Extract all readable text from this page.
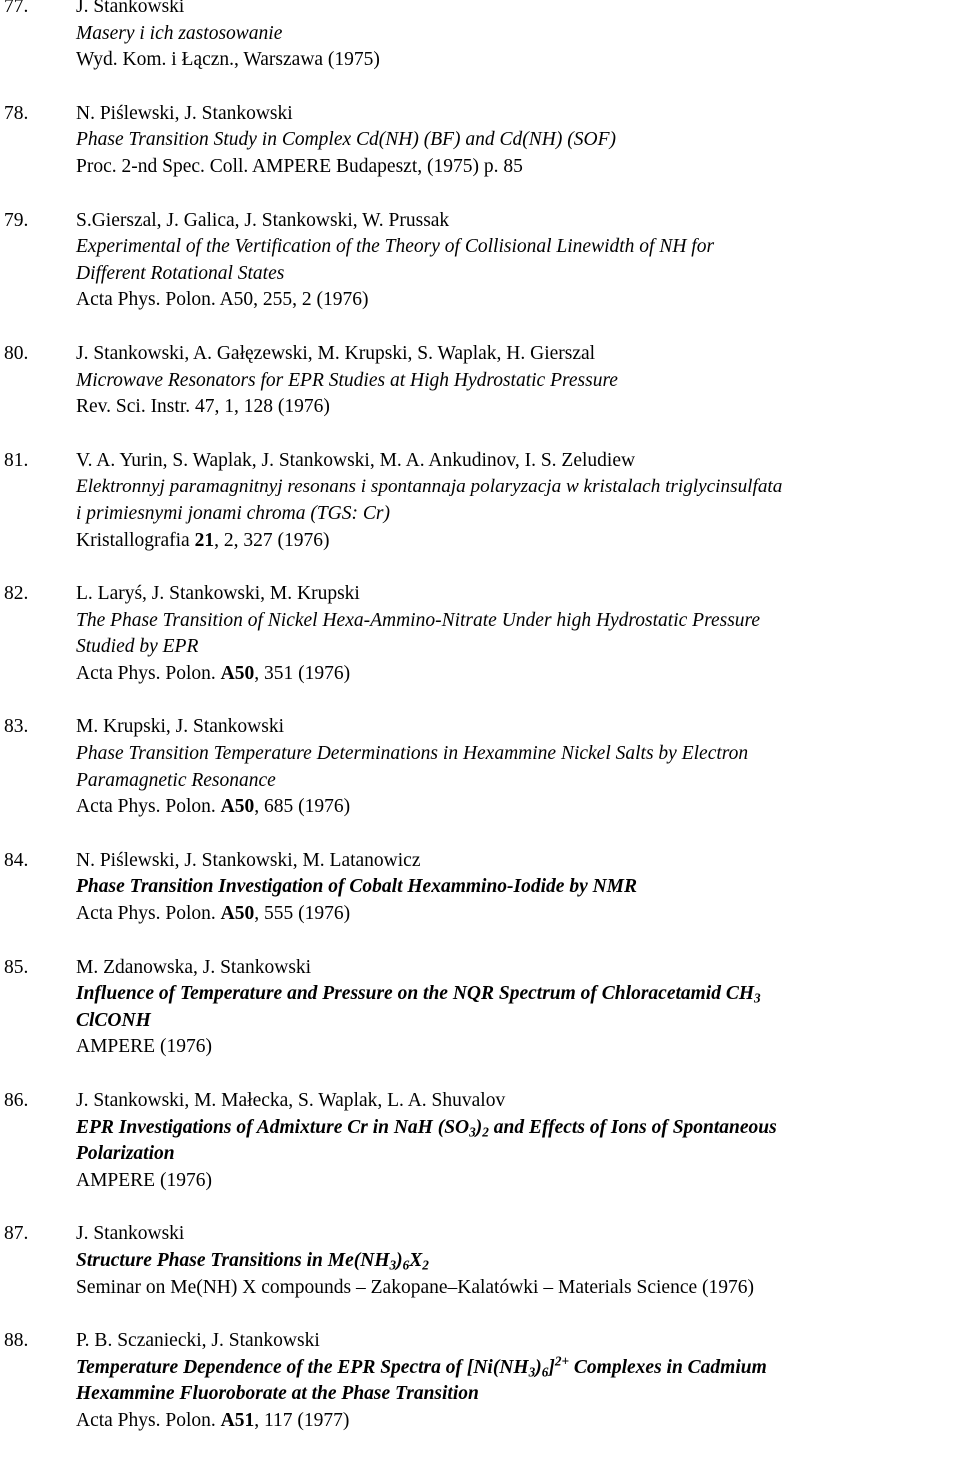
77. J. Stankowski
Masery i ich zastosowanie
Wyd. Kom. i Łączn., Warszawa (1975)
78. N. Piślewski, J. Stankowski
Phase Transition Study in Complex Cd(NH) (BF) and Cd(NH) (SOF)
Proc. 2-nd Spec. Coll. AMPERE Budapeszt, (1975) p. 85
79. S.Gierszal, J. Galica, J. Stankowski, W. Prussak
Experimental of the Vertification of the Theory of Collisional Linewidth of NH for
Different Rotational States
Acta Phys. Polon. A50, 255, 2 (1976)
80. J. Stankowski, A. Gałęzewski, M. Krupski, S. Waplak, H. Gierszal
Microwave Resonators for EPR Studies at High Hydrostatic Pressure
Rev. Sci. Instr. 47, 1, 128 (1976)
81. V. A. Yurin, S. Waplak, J. Stankowski, M. A. Ankudinov, I. S. Zeludiew
Elektronnyj paramagnitnyj resonans i spontannaja polaryzacja w kristalach triglycinsulfata
i primiesnymi jonami chroma (TGS: Cr)
Kristallografia 21, 2, 327 (1976)
82. L. Laryś, J. Stankowski, M. Krupski
The Phase Transition of Nickel Hexa-Ammino-Nitrate Under high Hydrostatic Pressure
Studied by EPR
Acta Phys. Polon. A50, 351 (1976)
83. M. Krupski, J. Stankowski
Phase Transition Temperature Determinations in Hexammine Nickel Salts by Electron
Paramagnetic Resonance
Acta Phys. Polon. A50, 685 (1976)
84. N. Piślewski, J. Stankowski, M. Latanowicz
Phase Transition Investigation of Cobalt Hexammino-Iodide by NMR
Acta Phys. Polon. A50, 555 (1976)
85. M. Zdanowska, J. Stankowski
Influence of Temperature and Pressure on the NQR Spectrum of Chloracetamid $CH_3$
ClCONH
AMPERE (1976)
86. J. Stankowski, M. Małecka, S. Waplak, L. A. Shuvalov
EPR Investigations of Admixture Cr in NaH $(SO_3)_2$ and Effects of Ions of Spontaneous
Polarization
AMPERE (1976)
87. J. Stankowski
Structure Phase Transitions in $Me(NH_3)_6X_2$
Seminar on Me(NH) X compounds – Zakopane–Kalatówki – Materials Science (1976)
88. P. B. Sczaniecki, J. Stankowski
Temperature Dependence of the EPR Spectra of $[Ni(NH_3)_6]^{2+}$ Complexes in Cadmium
Hexammine Fluoroborate at the Phase Transition
Acta Phys. Polon. A51, 117 (1977)
